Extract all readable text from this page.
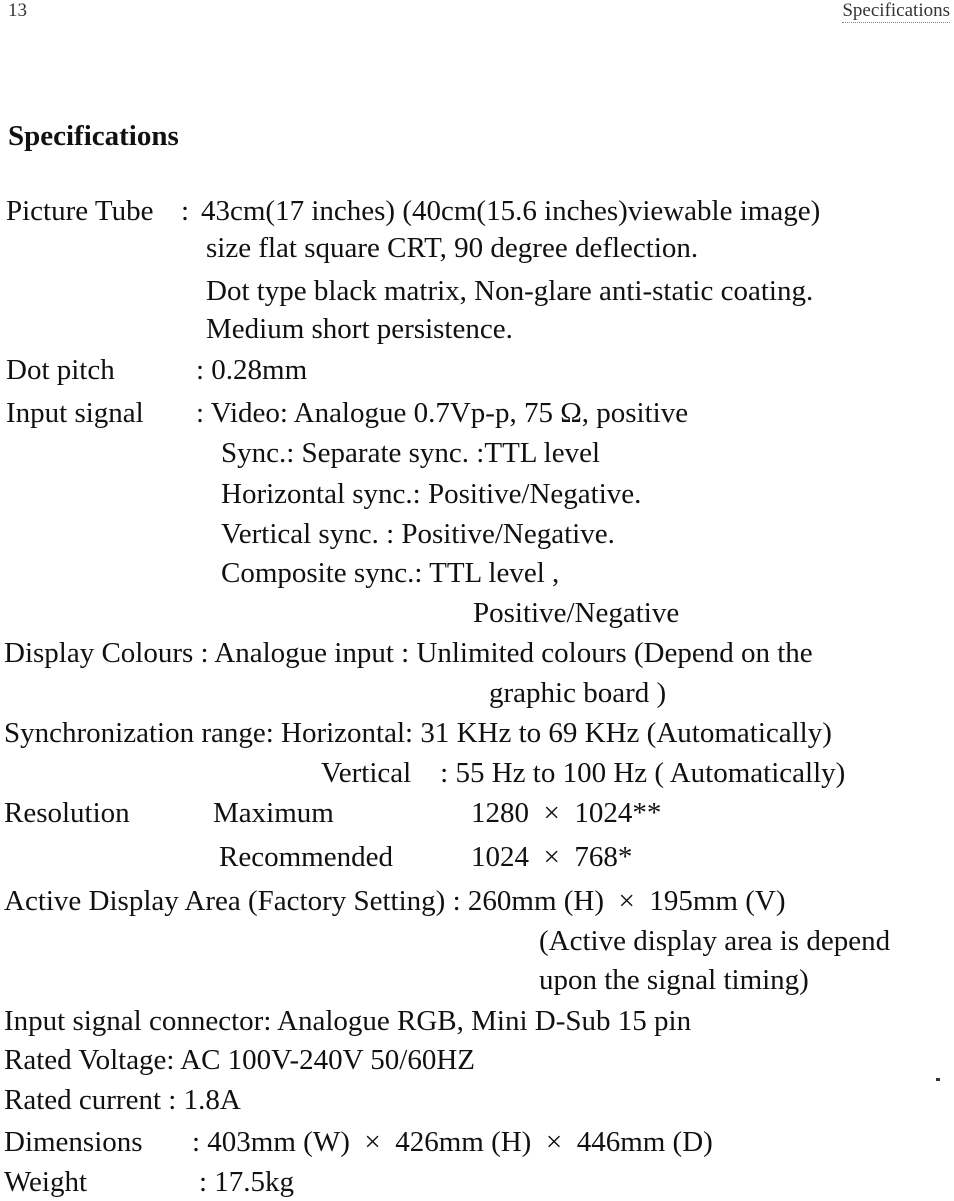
13	Specifications
Specifications
Picture Tube : 43cm(17 inches) (40cm(15.6 inches)viewable image)
size flat square CRT, 90 degree deflection.
Dot type black matrix, Non-glare anti-static coating.
Medium short persistence.
Dot pitch	: 0.28mm
Input signal : Video: Analogue 0.7Vp-p, 75 Ω, positive
Sync.: Separate sync. :TTL level
Horizontal sync.: Positive/Negative.
Vertical sync. : Positive/Negative.
Composite sync.: TTL level ,
Positive/Negative
Display Colours : Analogue input : Unlimited colours (Depend on the
graphic board )
Synchronization range: Horizontal: 31 KHz to 69 KHz (Automatically)
Vertical    : 55 Hz to 100 Hz ( Automatically)
Resolution	Maximum	1280  ×  1024**
Recommended	1024  ×  768*
Active Display Area (Factory Setting) : 260mm (H)  ×  195mm (V)
(Active display area is depend
upon the signal timing)
Input signal connector: Analogue RGB, Mini D-Sub 15 pin
Rated Voltage: AC 100V-240V 50/60HZ
Rated current : 1.8A
Dimensions : 403mm (W)  ×  426mm (H)  ×  446mm (D)
Weight	: 17.5kg
